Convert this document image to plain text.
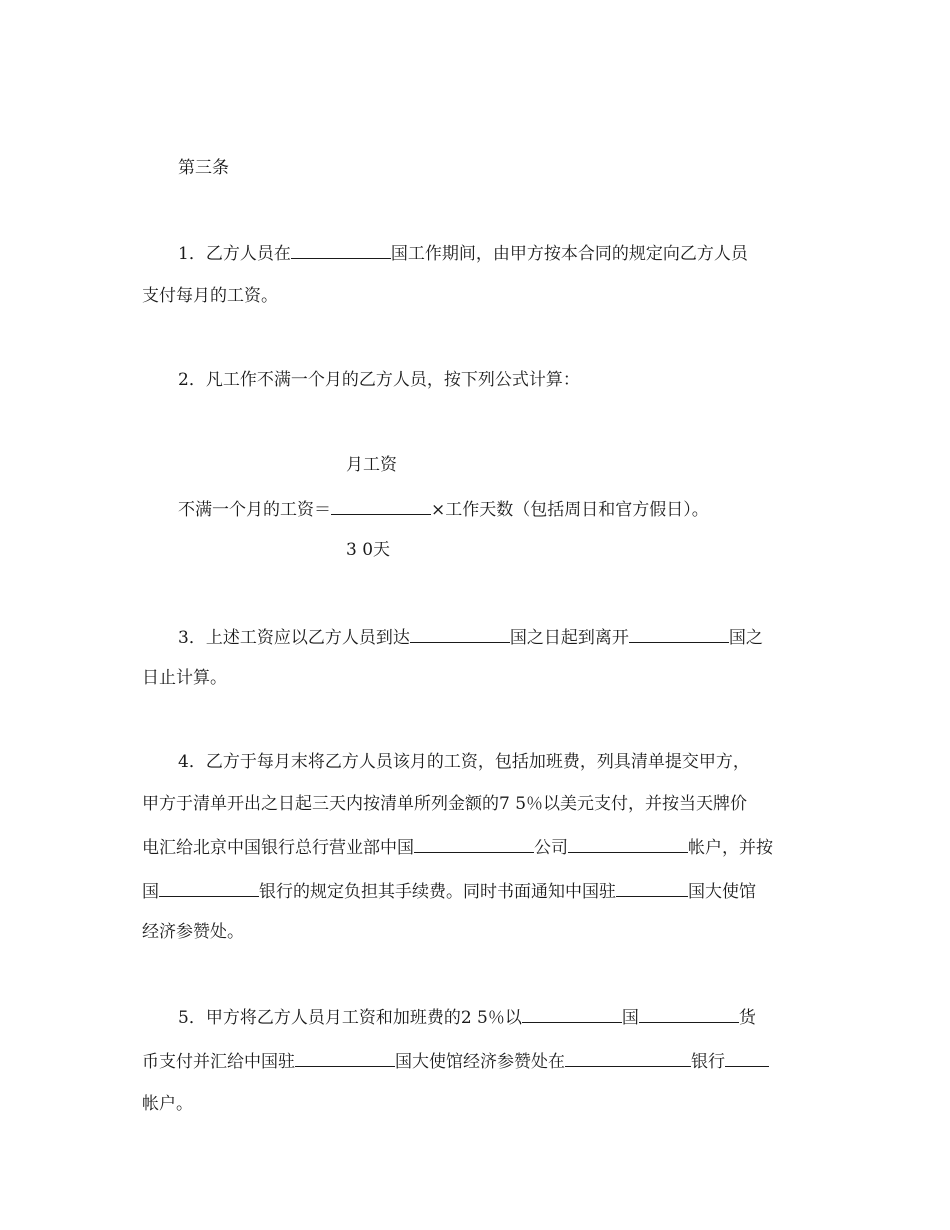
第三条
1．乙方人员在	国工作期间，由甲方按本合同的规定向乙方人员
支付每月的工资。
2．凡工作不满一个月的乙方人员，按下列公式计算：
月工资
不满一个月的工资＝	×工作天数（包括周日和官方假日）。
3 0天
3．上述工资应以乙方人员到达	国之日起到离开	国之
日止计算。
4．乙方于每月末将乙方人员该月的工资，包括加班费，列具清单提交甲方，
甲方于清单开出之日起三天内按清单所列金额的7 5％以美元支付，并按当天牌价
电汇给北京中国银行总行营业部中国	公司	帐户，并按
国	银行的规定负担其手续费。同时书面通知中国驻	国大使馆
经济参赞处。
5．甲方将乙方人员月工资和加班费的2 5％以	国	货
币支付并汇给中国驻	国大使馆经济参赞处在	银行
帐户。
